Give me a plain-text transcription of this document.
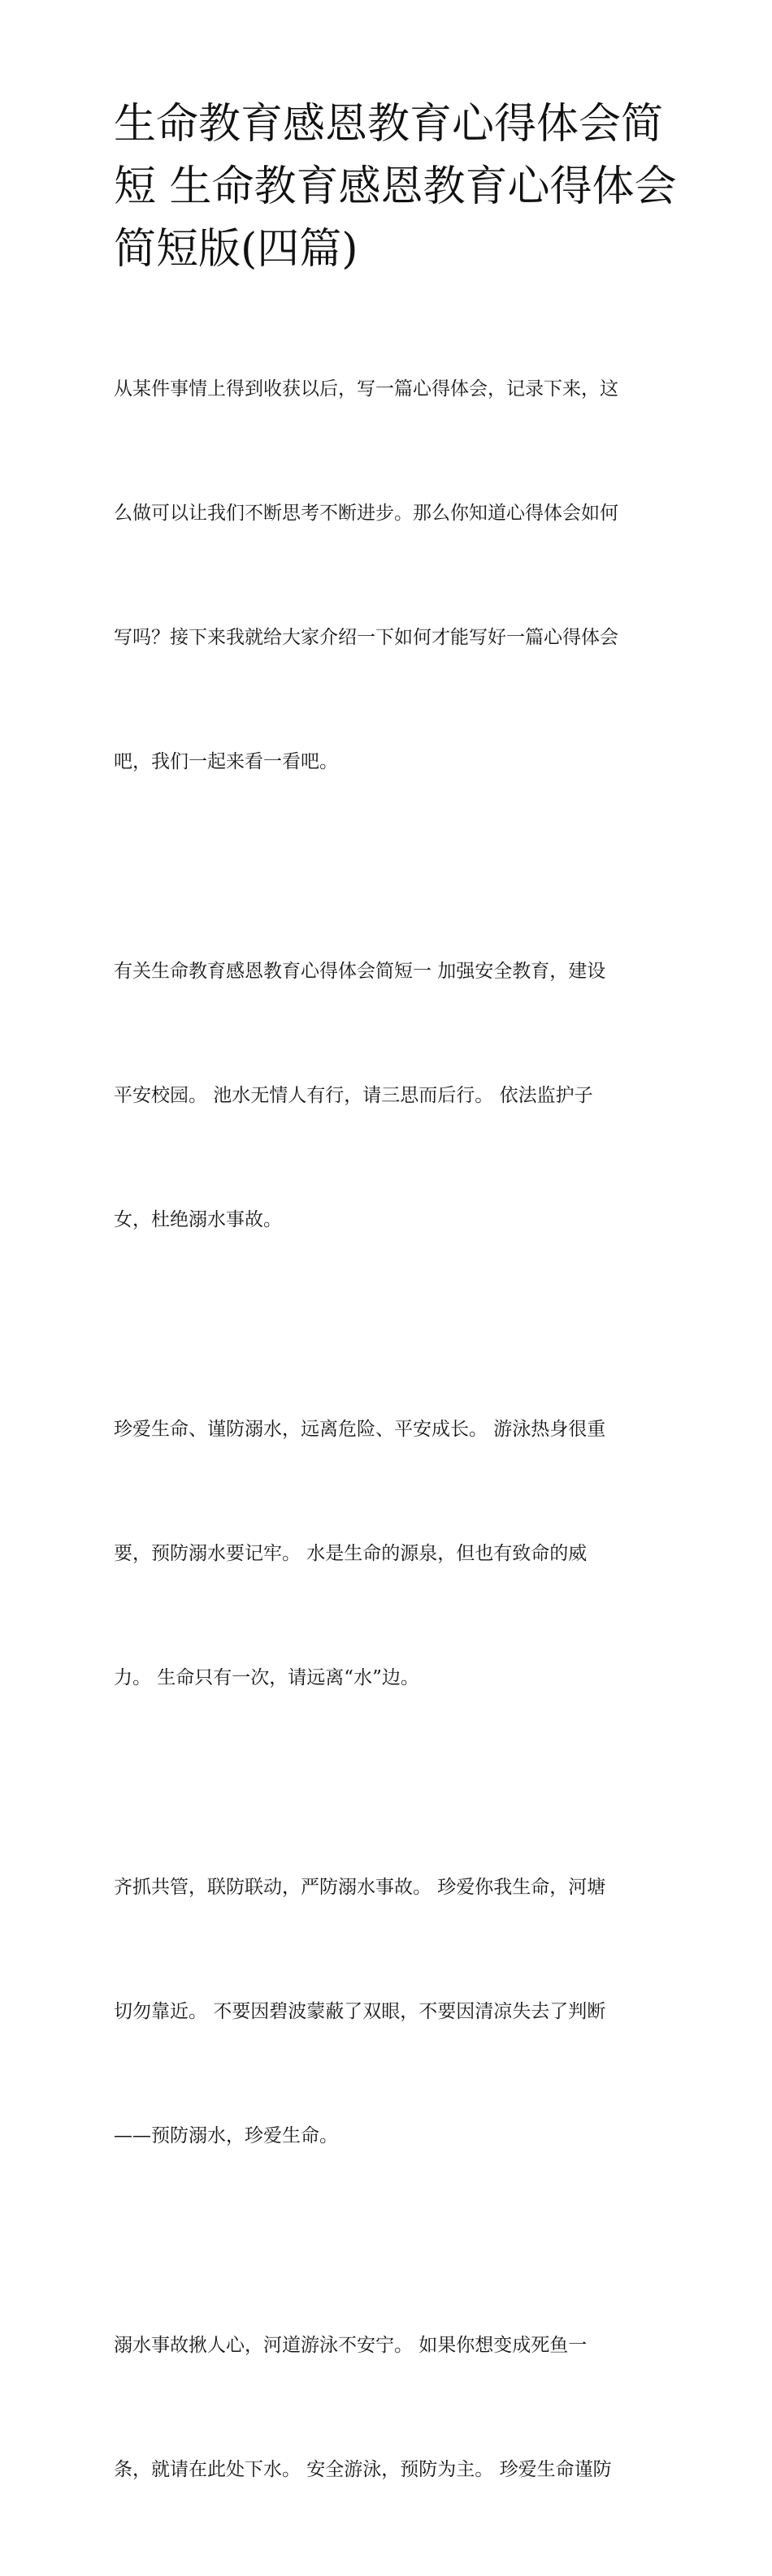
生命教育感恩教育心得体会简
短 生命教育感恩教育心得体会
简短版(四篇)

从某件事情上得到收获以后，写一篇心得体会，记录下来，这

么做可以让我们不断思考不断进步。那么你知道心得体会如何

写吗？接下来我就给大家介绍一下如何才能写好一篇心得体会

吧，我们一起来看一看吧。

有关生命教育感恩教育心得体会简短一 加强安全教育，建设

平安校园。 池水无情人有行，请三思而后行。 依法监护子

女，杜绝溺水事故。

珍爱生命、谨防溺水，远离危险、平安成长。 游泳热身很重

要，预防溺水要记牢。 水是生命的源泉，但也有致命的威

力。 生命只有一次，请远离“水”边。

齐抓共管，联防联动，严防溺水事故。 珍爱你我生命，河塘

切勿靠近。 不要因碧波蒙蔽了双眼，不要因清凉失去了判断

——预防溺水，珍爱生命。

溺水事故揪人心，河道游泳不安宁。 如果你想变成死鱼一

条，就请在此处下水。 安全游泳，预防为主。 珍爱生命谨防
